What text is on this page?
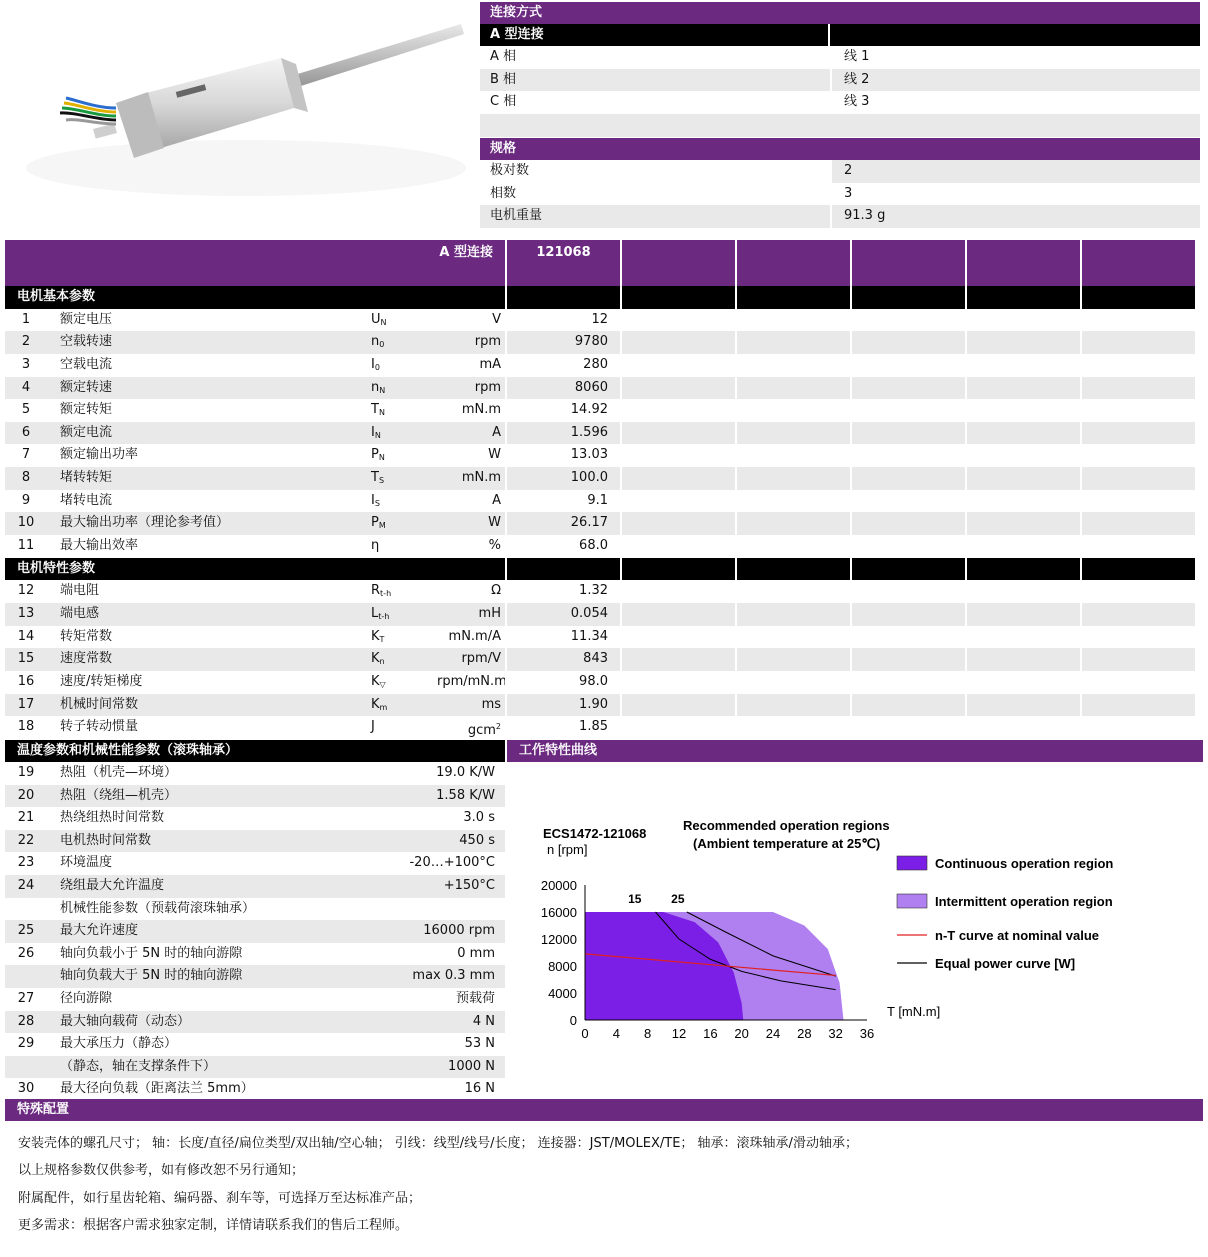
连接方式
A 型连接
A 相	线 1
B 相	线 2
C 相	线 3
规格
极对数	2
相数	3
电机重量	91.3 g
A 型连接	121068
电机基本参数
1	额定电压	$U_N$	V	12
2	空载转速	$n_0$	rpm	9780
3	空载电流	$I_0$	mA	280
4	额定转速	$n_N$	rpm	8060
5	额定转矩	$T_N$	mN.m	14.92
6	额定电流	$I_N$	A	1.596
7	额定输出功率	$P_N$	W	13.03
8	堵转转矩	$T_S$	mN.m	100.0
9	堵转电流	$I_S$	A	9.1
10	最大输出功率（理论参考值）	$P_M$	W	26.17
11	最大输出效率	η	%	68.0
电机特性参数
12	端电阻	$R_{t-h}$	Ω	1.32
13	端电感	$L_{t-h}$	mH	0.054
14	转矩常数	$K_T$	mN.m/A	11.34
15	速度常数	$K_n$	rpm/V	843
16	速度/转矩梯度	$K_▽$	rpm/mN.m	98.0
17	机械时间常数	$K_m$	ms	1.90
18	转子转动惯量	J	gcm$^2$	1.85
温度参数和机械性能参数（滚珠轴承）
19	热阻（机壳—环境）	19.0 K/W
20	热阻（绕组—机壳）	1.58 K/W
21	热绕组热时间常数	3.0 s
22	电机热时间常数	450 s
23	环境温度	-20…+100°C
24	绕组最大允许温度	+150°C
机械性能参数（预载荷滚珠轴承）
25	最大允许速度	16000 rpm
26	轴向负载小于 5N 时的轴向游隙	0 mm
轴向负载大于 5N 时的轴向游隙	max 0.3 mm
27	径向游隙	预载荷
28	最大轴向载荷（动态）	4 N
29	最大承压力（静态）	53 N
（静态，轴在支撑条件下）	1000 N
30	最大径向负载（距离法兰 5mm）	16 N
工作特性曲线
ECS1472-121068
n [rpm]
Recommended operation regions
(Ambient temperature at 25℃)
T [mN.m]
0 4 8 12 16 20 24 28 32 36
0
4000
8000
12000
16000
20000
15 25
Continuous operation region
Intermittent operation region
n-T curve at nominal value
Equal power curve [W]
特殊配置
安装壳体的螺孔尺寸； 轴：长度/直径/扁位类型/双出轴/空心轴； 引线：线型/线号/长度； 连接器：JST/MOLEX/TE； 轴承：滚珠轴承/滑动轴承；
以上规格参数仅供参考，如有修改恕不另行通知；
附属配件，如行星齿轮箱、编码器、刹车等，可选择万至达标准产品；
更多需求：根据客户需求独家定制，详情请联系我们的售后工程师。
